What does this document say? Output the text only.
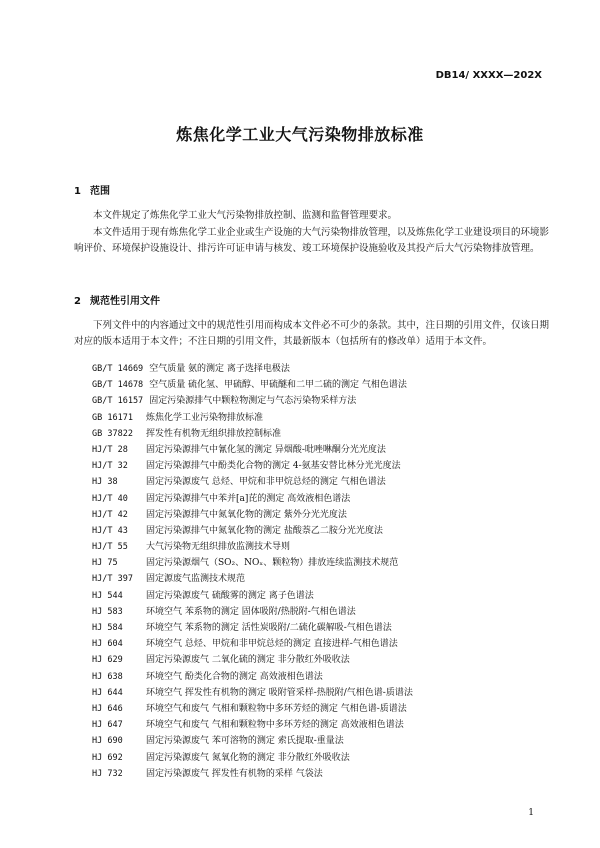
DB14/ XXXX—202X
炼焦化学工业大气污染物排放标准
1 范围
本文件规定了炼焦化学工业大气污染物排放控制、监测和监督管理要求。
本文件适用于现有炼焦化学工业企业或生产设施的大气污染物排放管理，以及炼焦化学工业建设项目的环境影响评价、环境保护设施设计、排污许可证申请与核发、竣工环境保护设施验收及其投产后大气污染物排放管理。
2 规范性引用文件
下列文件中的内容通过文中的规范性引用而构成本文件必不可少的条款。其中，注日期的引用文件，仅该日期对应的版本适用于本文件；不注日期的引用文件，其最新版本（包括所有的修改单）适用于本文件。
GB/T 14669 空气质量 氨的测定 离子选择电极法
GB/T 14678 空气质量 硫化氢、甲硫醇、甲硫醚和二甲二硫的测定 气相色谱法
GB/T 16157 固定污染源排气中颗粒物测定与气态污染物采样方法
GB 16171 炼焦化学工业污染物排放标准
GB 37822 挥发性有机物无组织排放控制标准
HJ/T 28 固定污染源排气中氰化氢的测定 异烟酸-吡唑啉酮分光光度法
HJ/T 32 固定污染源排气中酚类化合物的测定 4-氨基安替比林分光光度法
HJ 38	固定污染源废气 总烃、甲烷和非甲烷总烃的测定 气相色谱法
HJ/T 40 固定污染源排气中苯并[a]芘的测定 高效液相色谱法
HJ/T 42 固定污染源排气中氮氧化物的测定 紫外分光光度法
HJ/T 43 固定污染源排气中氮氧化物的测定 盐酸萘乙二胺分光光度法
HJ/T 55 大气污染物无组织排放监测技术导则
HJ 75	固定污染源烟气（SO₂、NOₓ、颗粒物）排放连续监测技术规范
HJ/T 397 固定源废气监测技术规范
HJ 544	固定污染源废气 硫酸雾的测定 离子色谱法
HJ 583	环境空气 苯系物的测定 固体吸附/热脱附-气相色谱法
HJ 584	环境空气 苯系物的测定 活性炭吸附/二硫化碳解吸-气相色谱法
HJ 604	环境空气 总烃、甲烷和非甲烷总烃的测定 直接进样-气相色谱法
HJ 629	固定污染源废气 二氧化硫的测定 非分散红外吸收法
HJ 638	环境空气 酚类化合物的测定 高效液相色谱法
HJ 644	环境空气 挥发性有机物的测定 吸附管采样-热脱附/气相色谱-质谱法
HJ 646	环境空气和废气 气相和颗粒物中多环芳烃的测定 气相色谱-质谱法
HJ 647	环境空气和废气 气相和颗粒物中多环芳烃的测定 高效液相色谱法
HJ 690	固定污染源废气 苯可溶物的测定 索氏提取-重量法
HJ 692	固定污染源废气 氮氧化物的测定 非分散红外吸收法
HJ 732	固定污染源废气 挥发性有机物的采样 气袋法
1
